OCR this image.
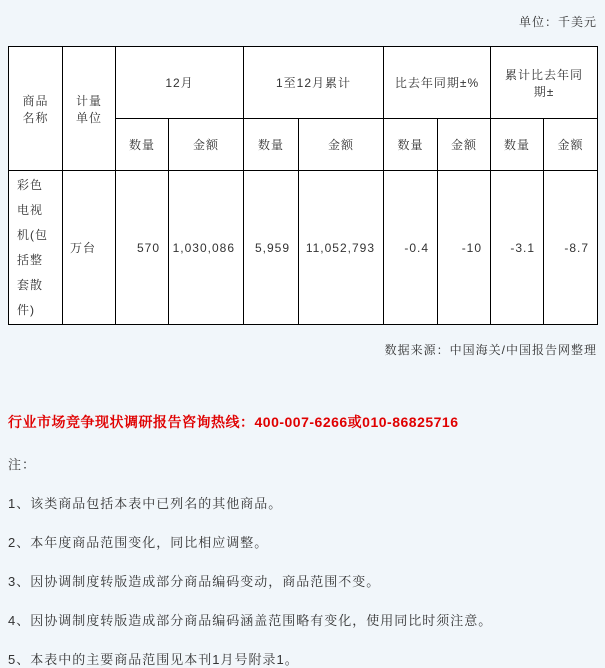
单位：千美元
商品名称	计量单位	12月		1至12月累计		比去年同期±%		累计比去年同期±	
		数量	金额	数量	金额	数量	金额	数量	金额
彩色电视机(包括整套散件)	万台	570	1,030,086	5,959	11,052,793	-0.4	-10	-3.1	-8.7
数据来源：中国海关/中国报告网整理
行业市场竞争现状调研报告咨询热线：400-007-6266或010-86825716
注：
1、该类商品包括本表中已列名的其他商品。
2、本年度商品范围变化，同比相应调整。
3、因协调制度转版造成部分商品编码变动，商品范围不变。
4、因协调制度转版造成部分商品编码涵盖范围略有变化，使用同比时须注意。
5、本表中的主要商品范围见本刊1月号附录1。
